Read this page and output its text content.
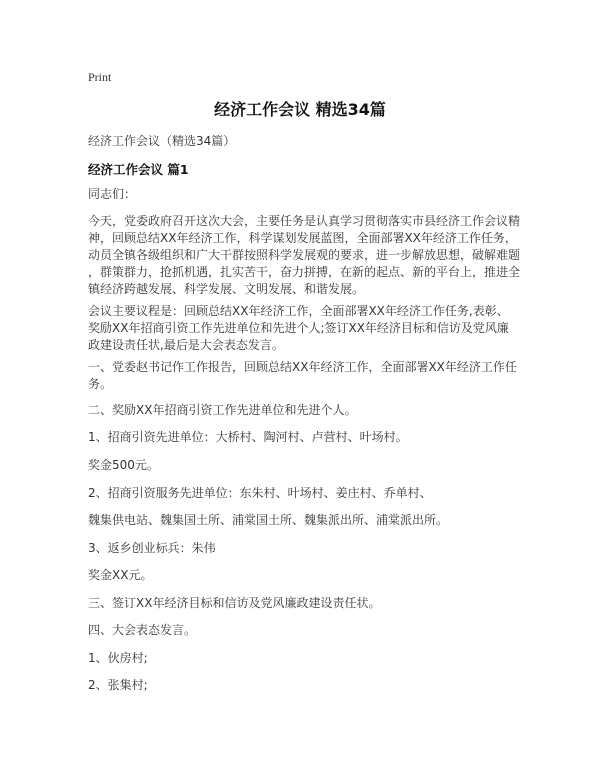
Print
经济工作会议 精选34篇
经济工作会议（精选34篇）
经济工作会议 篇1

同志们：

今天，党委政府召开这次大会，主要任务是认真学习贯彻落实市县经济工作会议精
神，回顾总结XX年经济工作，科学谋划发展蓝图，全面部署XX年经济工作任务，
动员全镇各级组织和广大干群按照科学发展观的要求，进一步解放思想，破解难题
，群策群力，抢抓机遇，扎实苦干，奋力拼搏，在新的起点、新的平台上，推进全
镇经济跨越发展、科学发展、文明发展、和谐发展。

会议主要议程是：回顾总结XX年经济工作，全面部署XX年经济工作任务,表彰、
奖励XX年招商引资工作先进单位和先进个人;签订XX年经济目标和信访及党风廉
政建设责任状,最后是大会表态发言。

一、党委赵书记作工作报告，回顾总结XX年经济工作，全面部署XX年经济工作任
务。

二、奖励XX年招商引资工作先进单位和先进个人。

1、招商引资先进单位：大桥村、陶河村、卢营村、叶场村。

奖金500元。

2、招商引资服务先进单位：东朱村、叶场村、姜庄村、乔单村、

魏集供电站、魏集国土所、浦棠国土所、魏集派出所、浦棠派出所。

3、返乡创业标兵：朱伟

奖金XX元。

三、签订XX年经济目标和信访及党风廉政建设责任状。

四、大会表态发言。

1、伙房村;

2、张集村;
